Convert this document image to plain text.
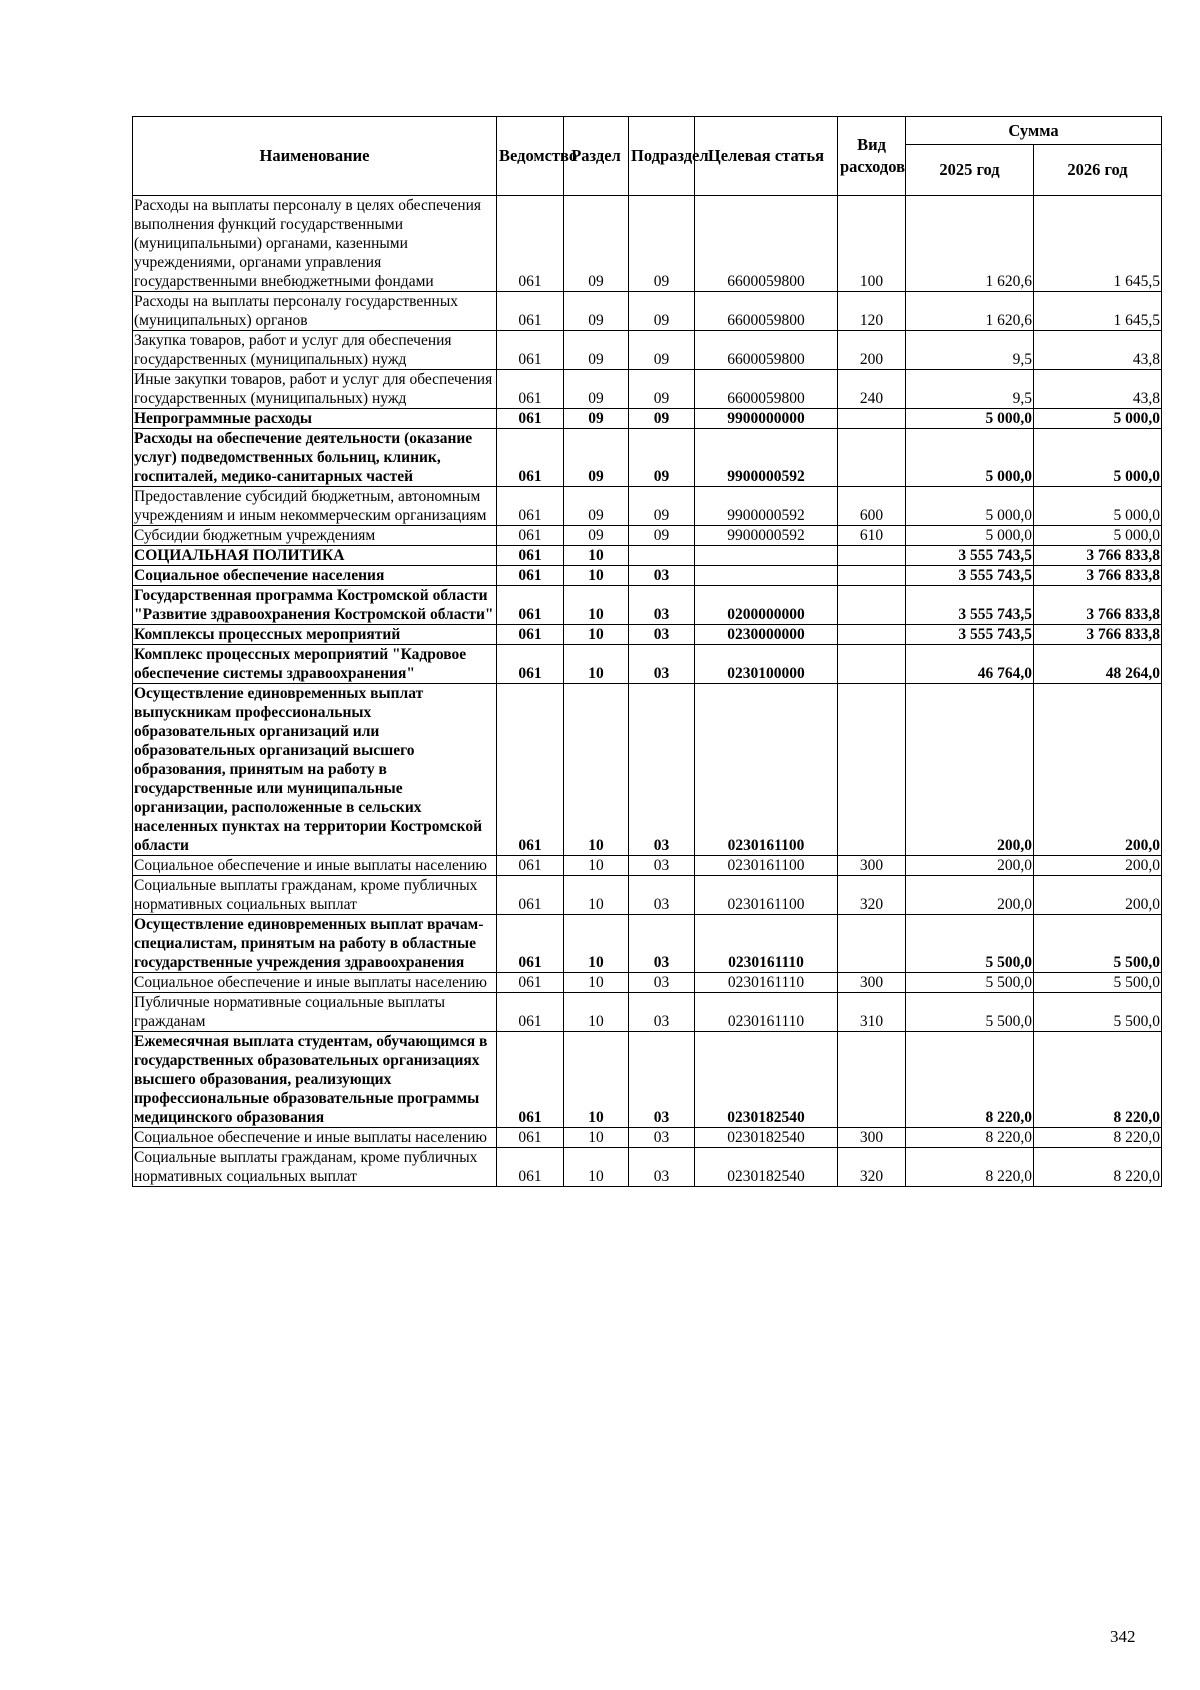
Наименование	Ведомство	Раздел	Подраздел	Целевая статья	Вид расходов	Сумма	
						2025 год	2026 год
Расходы на выплаты персоналу в целях обеспечения выполнения функций государственными (муниципальными) органами, казенными учреждениями, органами управления государственными внебюджетными фондами	061	09	09	6600059800	100	1 620,6	1 645,5
Расходы на выплаты персоналу государственных (муниципальных) органов	061	09	09	6600059800	120	1 620,6	1 645,5
Закупка товаров, работ и услуг для обеспечения государственных (муниципальных) нужд	061	09	09	6600059800	200	9,5	43,8
Иные закупки товаров, работ и услуг для обеспечения государственных (муниципальных) нужд	061	09	09	6600059800	240	9,5	43,8
Непрограммные расходы	061	09	09	9900000000		5 000,0	5 000,0
Расходы на обеспечение деятельности (оказание услуг) подведомственных больниц, клиник, госпиталей, медико-санитарных частей	061	09	09	9900000592		5 000,0	5 000,0
Предоставление субсидий бюджетным, автономным учреждениям и иным некоммерческим организациям	061	09	09	9900000592	600	5 000,0	5 000,0
Субсидии бюджетным учреждениям	061	09	09	9900000592	610	5 000,0	5 000,0
СОЦИАЛЬНАЯ ПОЛИТИКА	061	10				3 555 743,5	3 766 833,8
Социальное обеспечение населения	061	10	03			3 555 743,5	3 766 833,8
Государственная программа Костромской области "Развитие здравоохранения Костромской области"	061	10	03	0200000000		3 555 743,5	3 766 833,8
Комплексы процессных мероприятий	061	10	03	0230000000		3 555 743,5	3 766 833,8
Комплекс процессных мероприятий "Кадровое обеспечение системы здравоохранения"	061	10	03	0230100000		46 764,0	48 264,0
Осуществление единовременных выплат выпускникам профессиональных образовательных организаций или образовательных организаций высшего образования, принятым на работу в государственные или муниципальные организации, расположенные в сельских населенных пунктах на территории Костромской области	061	10	03	0230161100		200,0	200,0
Социальное обеспечение и иные выплаты населению	061	10	03	0230161100	300	200,0	200,0
Социальные выплаты гражданам, кроме публичных нормативных социальных выплат	061	10	03	0230161100	320	200,0	200,0
Осуществление единовременных выплат врачам-специалистам, принятым на работу в областные государственные учреждения здравоохранения	061	10	03	0230161110		5 500,0	5 500,0
Социальное обеспечение и иные выплаты населению	061	10	03	0230161110	300	5 500,0	5 500,0
Публичные нормативные социальные выплаты гражданам	061	10	03	0230161110	310	5 500,0	5 500,0
Ежемесячная выплата студентам, обучающимся в государственных образовательных организациях высшего образования, реализующих профессиональные образовательные программы медицинского образования	061	10	03	0230182540		8 220,0	8 220,0
Социальное обеспечение и иные выплаты населению	061	10	03	0230182540	300	8 220,0	8 220,0
Социальные выплаты гражданам, кроме публичных нормативных социальных выплат	061	10	03	0230182540	320	8 220,0	8 220,0
342
